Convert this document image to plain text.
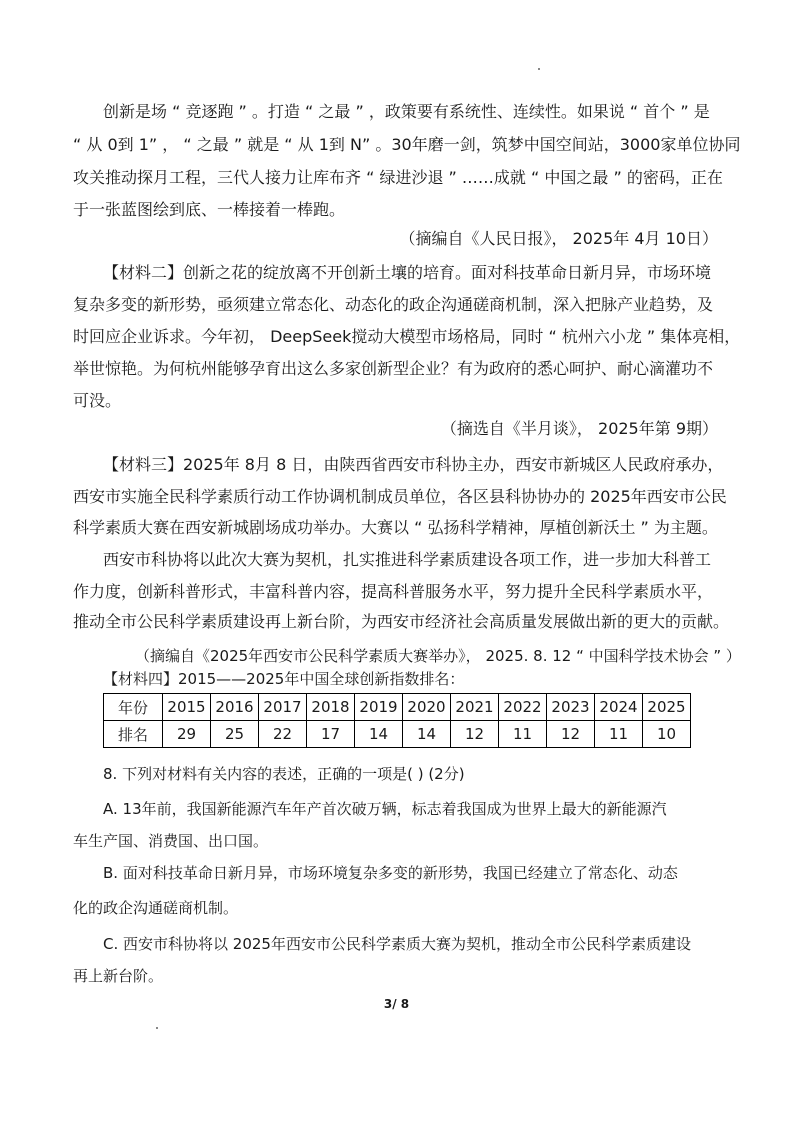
创新是场 “ 竞逐跑 ” 。打造 “ 之最 ” ，政策要有系统性、连续性。如果说 “ 首个 ” 是
“ 从 0到 1” ， “ 之最 ” 就是 “ 从 1到 N” 。30年磨一剑，筑梦中国空间站，3000家单位协同
攻关推动探月工程，三代人接力让库布齐 “ 绿进沙退 ” ……成就 “ 中国之最 ” 的密码，正在
于一张蓝图绘到底、一棒接着一棒跑。
（摘编自《人民日报》， 2025年 4月 10日）
【材料二】创新之花的绽放离不开创新土壤的培育。面对科技革命日新月异，市场环境
复杂多变的新形势，亟须建立常态化、动态化的政企沟通磋商机制，深入把脉产业趋势，及
时回应企业诉求。今年初， DeepSeek搅动大模型市场格局，同时 “ 杭州六小龙 ” 集体亮相，
举世惊艳。为何杭州能够孕育出这么多家创新型企业？有为政府的悉心呵护、耐心滴灌功不
可没。
（摘选自《半月谈》， 2025年第 9期）
【材料三】2025年 8月 8 日，由陕西省西安市科协主办，西安市新城区人民政府承办，
西安市实施全民科学素质行动工作协调机制成员单位，各区县科协协办的 2025年西安市公民
科学素质大赛在西安新城剧场成功举办。大赛以 “ 弘扬科学精神，厚植创新沃土 ” 为主题。
西安市科协将以此次大赛为契机，扎实推进科学素质建设各项工作，进一步加大科普工
作力度，创新科普形式，丰富科普内容，提高科普服务水平，努力提升全民科学素质水平，
推动全市公民科学素质建设再上新台阶，为西安市经济社会高质量发展做出新的更大的贡献。
（摘编自《2025年西安市公民科学素质大赛举办》， 2025. 8. 12 “ 中国科学技术协会 ” ）
【材料四】2015——2025年中国全球创新指数排名：
年份	2015	2016	2017	2018	2019	2020	2021	2022	2023	2024	2025
排名	29	25	22	17	14	14	12	11	12	11	10
8. 下列对材料有关内容的表述，正确的一项是( ) (2分)
A. 13年前，我国新能源汽车年产首次破万辆，标志着我国成为世界上最大的新能源汽
车生产国、消费国、出口国。
B. 面对科技革命日新月异，市场环境复杂多变的新形势，我国已经建立了常态化、动态
化的政企沟通磋商机制。
C. 西安市科协将以 2025年西安市公民科学素质大赛为契机，推动全市公民科学素质建设
再上新台阶。
3/ 8
